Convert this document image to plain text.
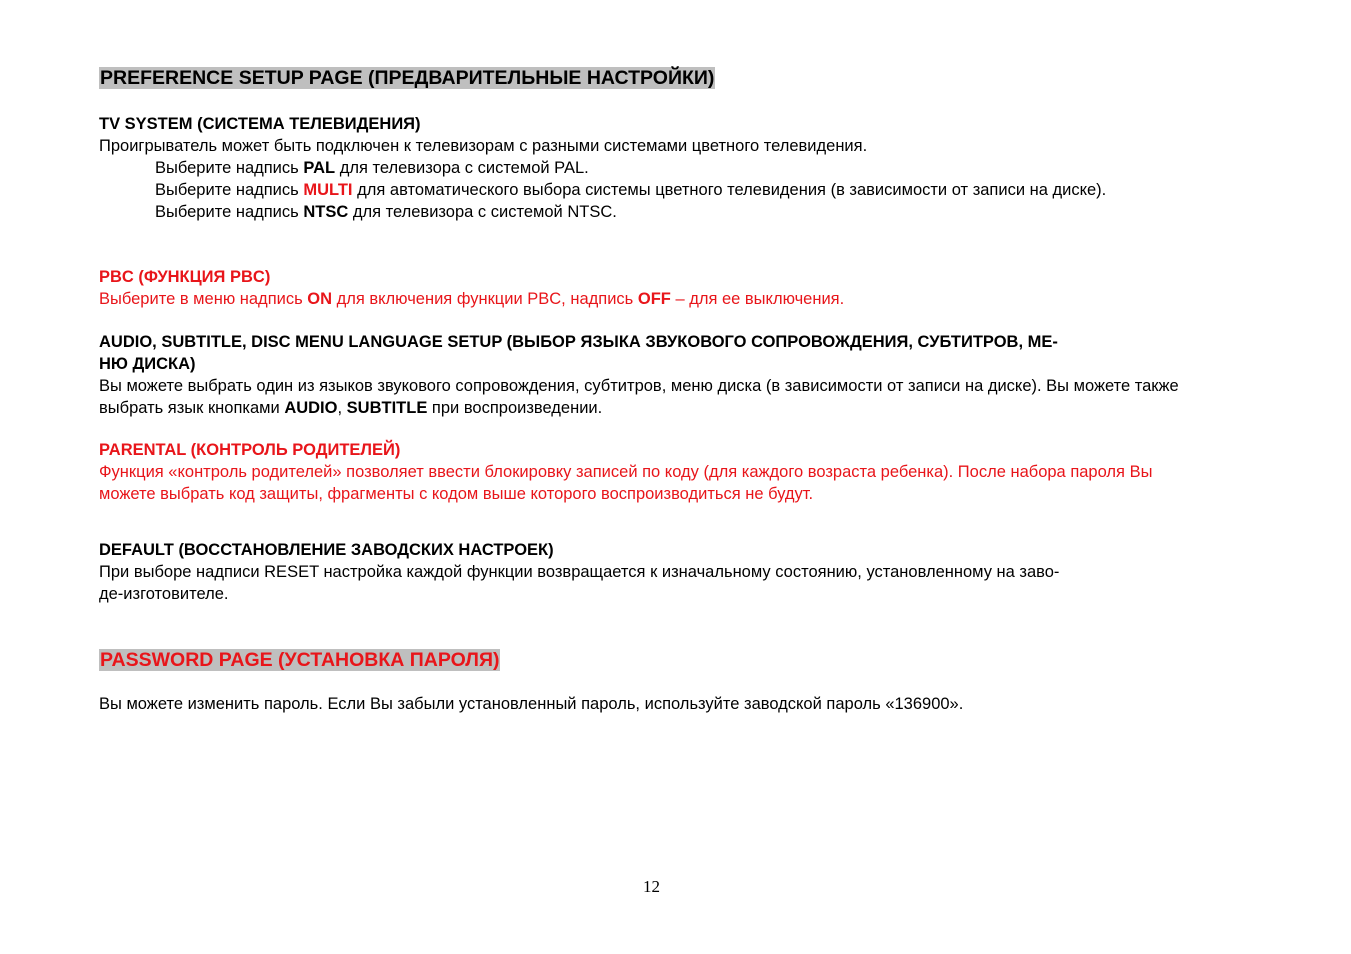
PREFERENCE SETUP PAGE (ПРЕДВАРИТЕЛЬНЫЕ НАСТРОЙКИ)
TV SYSTEM (СИСТЕМА ТЕЛЕВИДЕНИЯ)
Проигрыватель может быть подключен к телевизорам с разными системами цветного телевидения.
Выберите надпись PAL для телевизора с системой PAL.
Выберите надпись MULTI для автоматического выбора системы цветного телевидения (в зависимости от записи на диске).
Выберите надпись NTSC для телевизора с системой NTSC.
PBC (ФУНКЦИЯ PBC)
Выберите в меню надпись ON для включения функции PBC, надпись OFF – для ее выключения.
AUDIO, SUBTITLE, DISC MENU LANGUAGE SETUP (ВЫБОР ЯЗЫКА ЗВУКОВОГО СОПРОВОЖДЕНИЯ, СУБТИТРОВ, МЕ-
НЮ ДИСКА)
Вы можете выбрать один из языков звукового сопровождения, субтитров, меню диска (в зависимости от записи на диске). Вы можете также выбрать язык кнопками AUDIO, SUBTITLE при воспроизведении.
PARENTAL (КОНТРОЛЬ РОДИТЕЛЕЙ)
Функция «контроль родителей» позволяет ввести блокировку записей по коду (для каждого возраста ребенка). После набора пароля Вы можете выбрать код защиты, фрагменты с кодом выше которого воспроизводиться не будут.
DEFAULT (ВОССТАНОВЛЕНИЕ ЗАВОДСКИХ НАСТРОЕК)
При выборе надписи RESET настройка каждой функции возвращается к изначальному состоянию, установленному на заво-
де-изготовителе.
PASSWORD PAGE (УСТАНОВКА ПАРОЛЯ)
Вы можете изменить пароль. Если Вы забыли установленный пароль, используйте заводской пароль «136900».
12
